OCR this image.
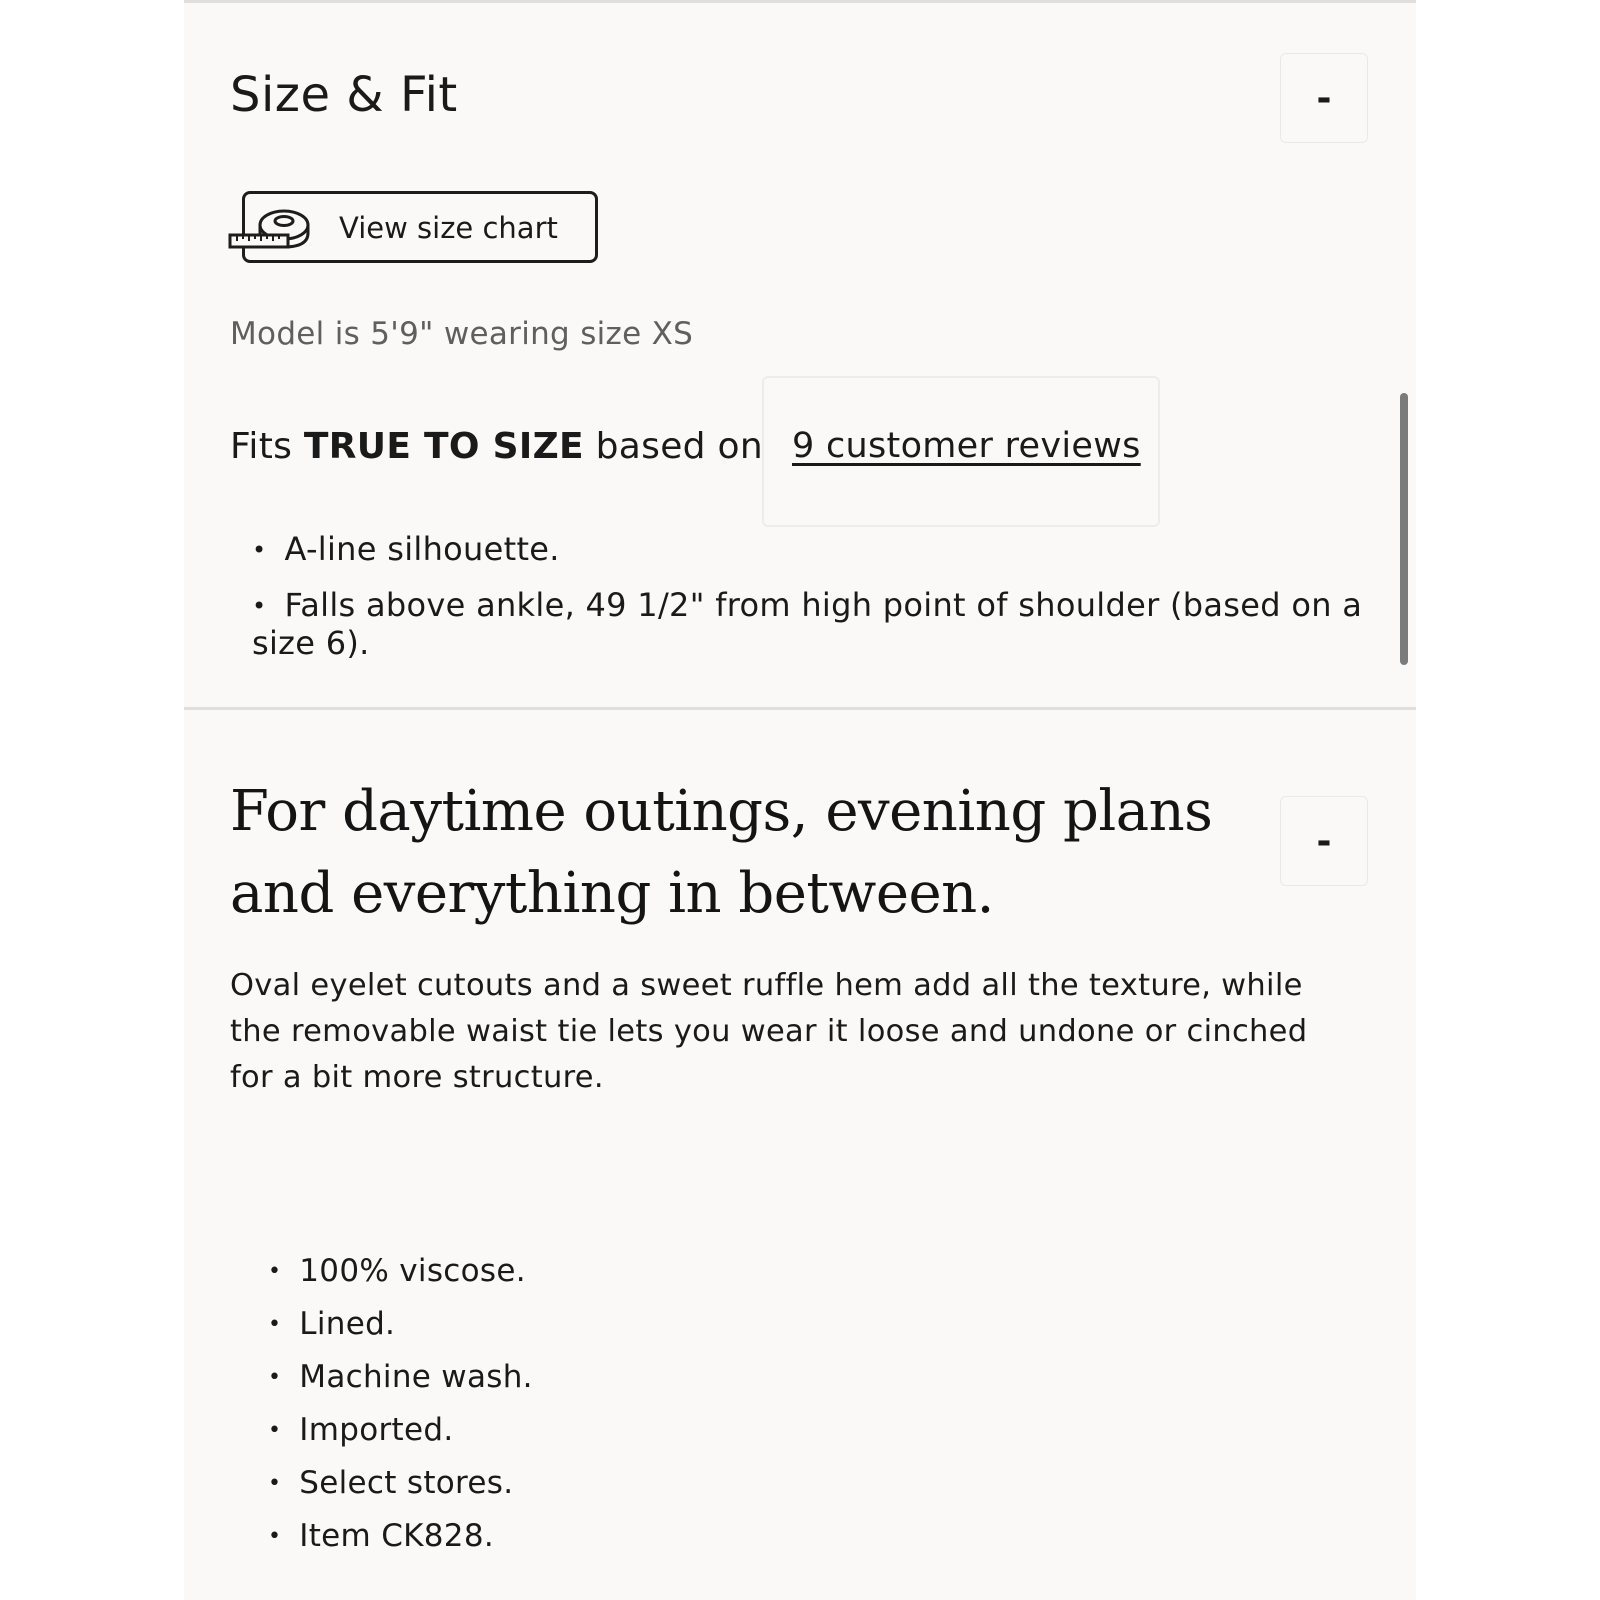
Size & Fit	-
View size chart
Model is 5'9" wearing size XS
Fits TRUE TO SIZE based on 9 customer reviews
• A-line silhouette.
• Falls above ankle, 49 1/2" from high point of shoulder (based on a size 6).
For daytime outings, evening plans and everything in between.
-

Oval eyelet cutouts and a sweet ruffle hem add all the texture, while the removable waist tie lets you wear it loose and undone or cinched for a bit more structure.

• 100% viscose.
• Lined.
• Machine wash.
• Imported.
• Select stores.
• Item CK828.
